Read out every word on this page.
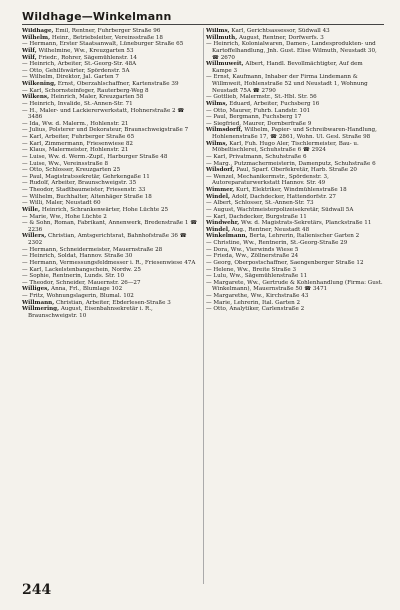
Wildhage—Winkelmann
Wildhage, Emil, Rentner, Fuhrberger Straße 96
Wilhelm, Heinr., Betriebsleiter, Vereinsstraße 18
— Hermann, Erster Staatsanwalt, Lüneburger Straße 65
Wilf, Wilhelmine, Ww., Kreuzgarten 53
Wilf, Friedr., Rohrer, Sägemühlenstr. 14
— Heinrich, Arbeiter, St.-Georg-Str. 48A
— Otto, Gehilfswärter, Spördenstr. 5A
— Wilhelm, Direktor, Jal. Garten 7
Wilkening, Ernst, Oberzahlschaffner, Kartenstraße 39
— Karl, Schornsteinfeger, Rauterberg-Weg 8
Wilkens, Heinrich, Maler, Kreuzgarten 58
— Heinrich, Invalide, St.-Annen-Str. 71
— H., Maler- und Lackiererwerkstatt, Hohnerstraße 2 ☎ 3486
— Ida, Ww. d. Malerm., Hohlenstr. 21
— Julius, Polsterer und Dekorateur, Braunschweigstraße 7
— Karl, Arbeiter, Fuhrberger Straße 65
— Karl, Zimmermann, Friesenwiese 82
— Klaus, Malermeister, Hohlenstr. 21
— Luise, Ww. d. Werm.-Zupf., Harburger Straße 48
— Luise, Ww., Vereinsstraße 8
— Otto, Schlosser, Kreuzgarten 25
— Paul, Magistratssekretär, Gehrkengaße 11
— Rudolf, Arbeiter, Braunschweigstr. 35
— Theodor, Stadtbaumeister, Friesenstr. 33
— Wilhelm, Buchhalter, Altenhäger Straße 18
— Willi, Maler, Neustadt 60
Wille, Heinrich, Schrankenwärter, Hohe Lüchte 25
— Marie, Ww., Hohe Lüchte 2
— & Sohn, Roman, Fabrikant, Annenwerk, Bredenstraße 1 ☎ 2236
Willers, Christian, Amtsgerichtsrat, Bahnhofstraße 36 ☎ 2302
— Hermann, Schneidermeister, Mauernstraße 28
— Heinrich, Soldat, Hannov. Straße 30
— Hermann, Vermessungsfeldmesser i. R., Friesenwiese 47A
— Karl, Lackelstenbangschein, Nordw. 25
— Sophie, Rentnerin, Lunds. Str. 10
— Theodor, Schneider, Mauernstr. 26—27
Williges, Anna, Frl., Blumlage 102
— Fritz, Wohnungslagerin, Blumal. 102
Willmann, Christian, Arbeiter, Ebderlesen-Straße 3
Willmering, August, Eisenbahnsekretär i. R., Braunschweigstr. 10
Willms, Karl, Gerichtsassessor, Südwall 43
Willmuth, August, Rentner, Dorfwerfs. 3
— Heinrich, Kolonialwaren, Damen-, Landesprodukten- und Kartoffelhandlung, Jnh. Gust. Elise Wilmuth, Neustadt 30, ☎ 2670
Willmuweit, Albert, Handl. Bevollmächtigter, Auf dem Kampe 3
— Ernst, Kaufmann, Inhaber der Firma Lindemann & Willmweit, Hohlenstraße 52 und Neustadt 1, Wohnung Neustadt 75A ☎ 2790
— Gottlieb, Malermstr., St.-Hbl. Str. 56
Wilms, Eduard, Arbeiter, Fuchsberg 16
— Otto, Maurer, Fuhrb. Landstr. 101
— Paul, Bergmann, Fuchsberg 17
— Siegfried, Maurer, Dornberfraße 9
Wilmsdorff, Wilhelm, Papier- und Schreibwaren-Handlung, Hohlenenstraße 17, ☎ 2861, Wohn. Ul. Gesl. Straße 98
Wilms, Karl, Fuh. Hugo Aler, Tischlermeister, Bau- u. Möbeltischlerei, Schuhstraße 6 ☎ 2924
— Karl, Privatmann, Schuhstraße 6
— Marg., Putzmachermeisterin, Damenputz, Schuhstraße 6
Wilsdorf, Paul, Sparf. Oberfekretär, Harb. Straße 20
— Wenzel, Mechanikermstr., Spördenstr. 3, Autoreparaturwerkstatt Hannov. Str. 49
Wimmer, Kurt, Elektriker, Windmühlenstraße 18
Windel, Adolf, Dachdecker, Hattendorfstr. 27
— Albert, Schlosser, St.-Annen-Str. 73
— August, Wachtmeisterpolizeisekretär, Südwall 5A
— Karl, Dachdecker, Burgstraße 11
Windwehr, Ww. d. Magistrats-Sekretärs, Planckstraße 11
Windel, Aug., Rentner, Neustadt 48
Winkelmann, Berta, Lehrerin, Italienischer Garten 2
— Christine, Ww., Rentnerin, St.-Georg-Straße 29
— Dora, Ww., Vierwinds Wiese 5
— Frieda, Ww., Zöllnerstraße 24
— Georg, Oberpostschaffner, Saengenberger Straße 12
— Helene, Ww., Breite Straße 3
— Lulu, Ww., Sägemühlenstraße 11
— Margarete, Ww., Gertrude & Kohlenhandlung (Firma: Gust. Winkelmann), Mauernstraße 50 ☎ 3471
— Margarethe, Ww., Kirchstraße 43
— Marie, Lehrerin, Ital. Garten 2
— Otto, Analytiker, Carlenstraße 2
244
